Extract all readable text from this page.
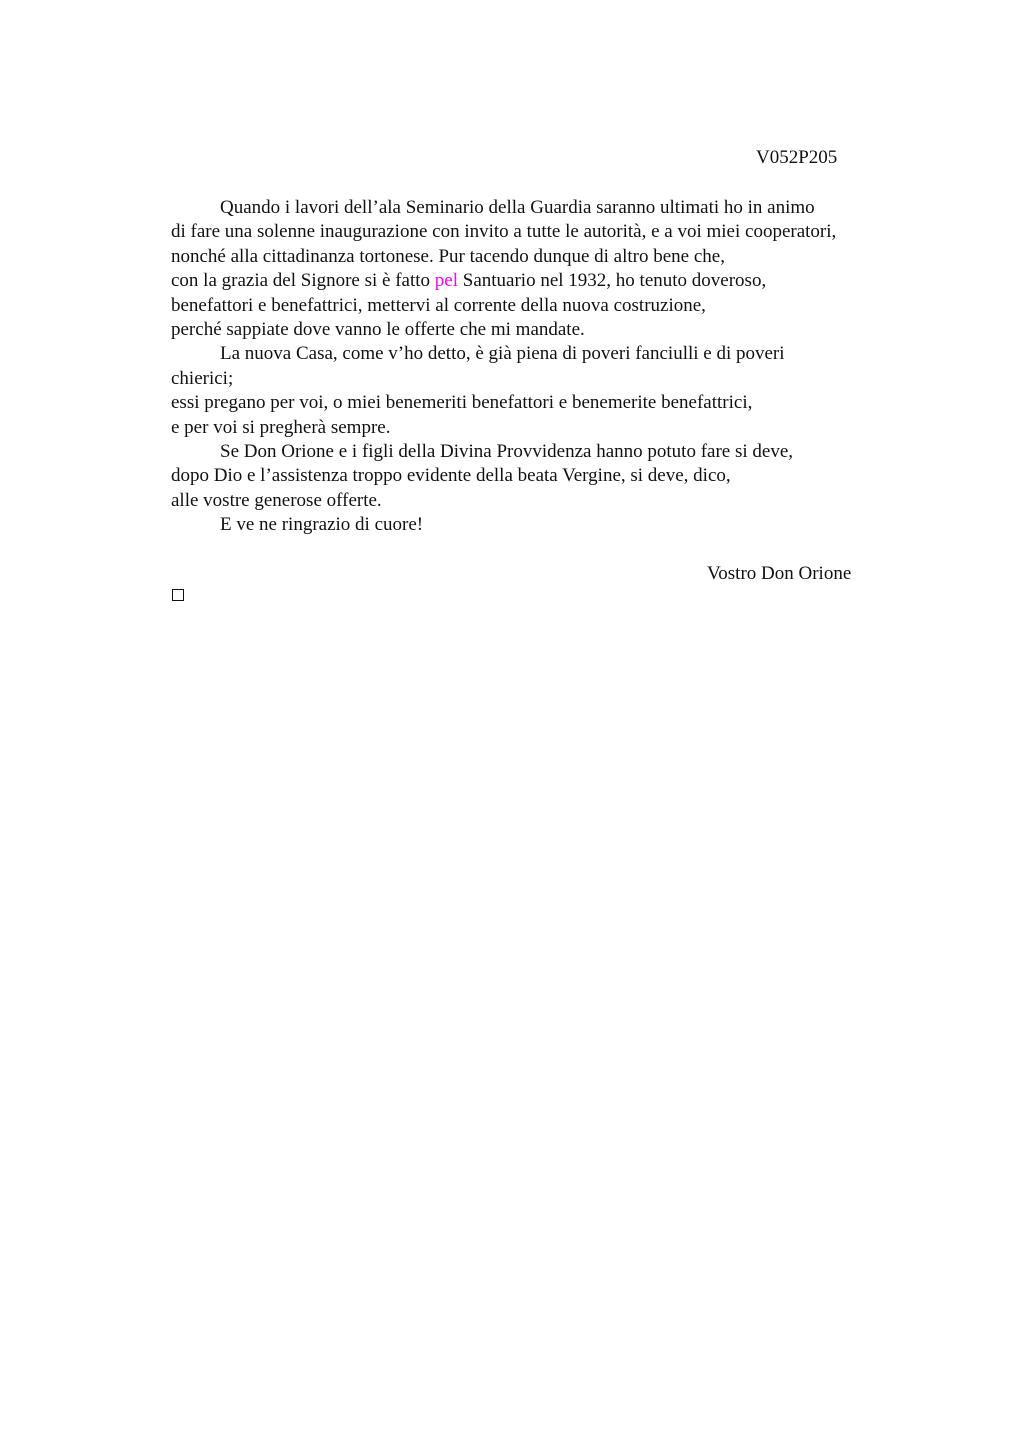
V052P205
Quando i lavori dell’ala Seminario della Guardia saranno ultimati ho in animo
di fare una solenne inaugurazione con invito a tutte le autorità, e a voi miei cooperatori,
nonché alla cittadinanza tortonese. Pur tacendo dunque di altro bene che,
con la grazia del Signore si è fatto pel Santuario nel 1932, ho tenuto doveroso,
benefattori e benefattrici, mettervi al corrente della nuova costruzione,
perché sappiate dove vanno le offerte che mi mandate.
La nuova Casa, come v’ho detto, è già piena di poveri fanciulli e di poveri
chierici;
essi pregano per voi, o miei benemeriti benefattori e benemerite benefattrici,
e per voi si pregherà sempre.
Se Don Orione e i figli della Divina Provvidenza hanno potuto fare si deve,
dopo Dio e l’assistenza troppo evidente della beata Vergine, si deve, dico,
alle vostre generose offerte.
E ve ne ringrazio di cuore!
Vostro Don Orione
